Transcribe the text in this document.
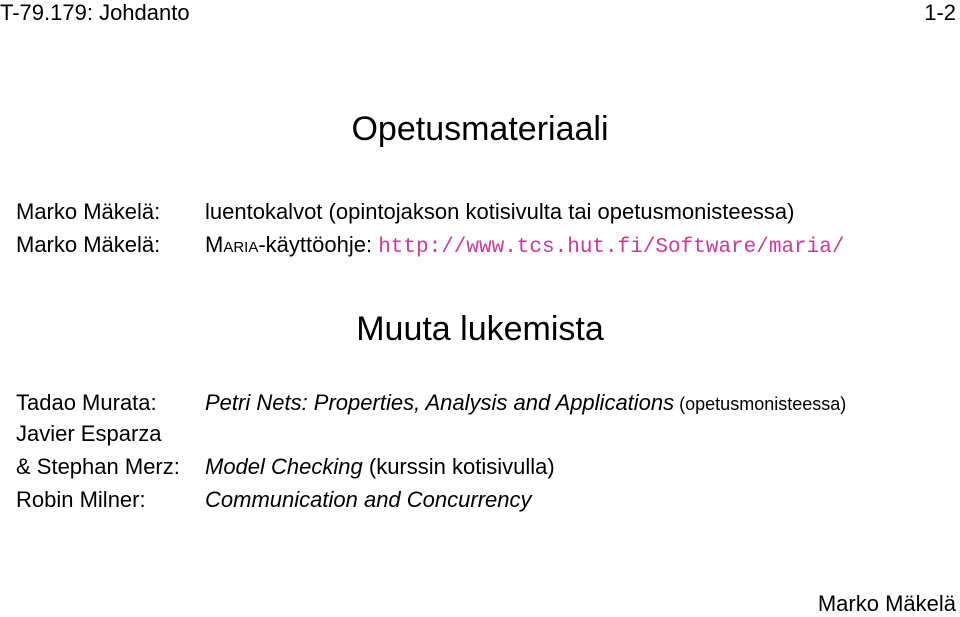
T-79.179: Johdanto	1-2
Opetusmateriaali
Marko Mäkelä: luentokalvot (opintojakson kotisivulta tai opetusmonisteessa)
Marko Mäkelä: Maria-käyttöohje: http://www.tcs.hut.fi/Software/maria/
Muuta lukemista
Tadao Murata: Petri Nets: Properties, Analysis and Applications (opetusmonisteessa)
Javier Esparza
& Stephan Merz: Model Checking (kurssin kotisivulla)
Robin Milner:	Communication and Concurrency
Marko Mäkelä
